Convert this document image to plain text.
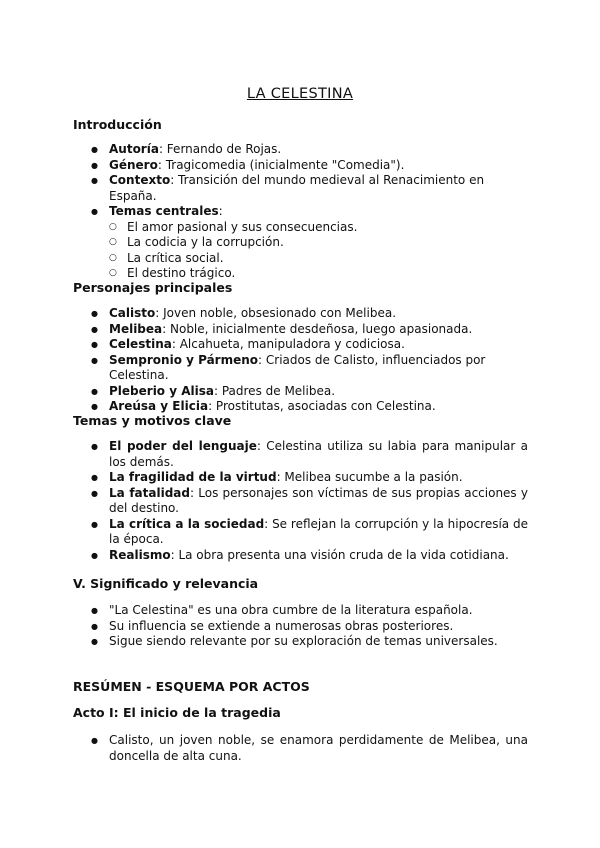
LA CELESTINA
Introducción
● Autoría: Fernando de Rojas.
● Género: Tragicomedia (inicialmente "Comedia").
● Contexto: Transición del mundo medieval al Renacimiento en España.
● Temas centrales:
○ El amor pasional y sus consecuencias.
○ La codicia y la corrupción.
○ La crítica social.
○ El destino trágico.
Personajes principales
● Calisto: Joven noble, obsesionado con Melibea.
● Melibea: Noble, inicialmente desdeñosa, luego apasionada.
● Celestina: Alcahueta, manipuladora y codiciosa.
● Sempronio y Pármeno: Criados de Calisto, influenciados por Celestina.
● Pleberio y Alisa: Padres de Melibea.
● Areúsa y Elicia: Prostitutas, asociadas con Celestina.
Temas y motivos clave
● El poder del lenguaje: Celestina utiliza su labia para manipular a los demás.
● La fragilidad de la virtud: Melibea sucumbe a la pasión.
● La fatalidad: Los personajes son víctimas de sus propias acciones y del destino.
● La crítica a la sociedad: Se reflejan la corrupción y la hipocresía de la época.
● Realismo: La obra presenta una visión cruda de la vida cotidiana.
V. Significado y relevancia
● "La Celestina" es una obra cumbre de la literatura española.
● Su influencia se extiende a numerosas obras posteriores.
● Sigue siendo relevante por su exploración de temas universales.
RESÚMEN - ESQUEMA POR ACTOS
Acto I: El inicio de la tragedia
● Calisto, un joven noble, se enamora perdidamente de Melibea, una doncella de alta cuna.
